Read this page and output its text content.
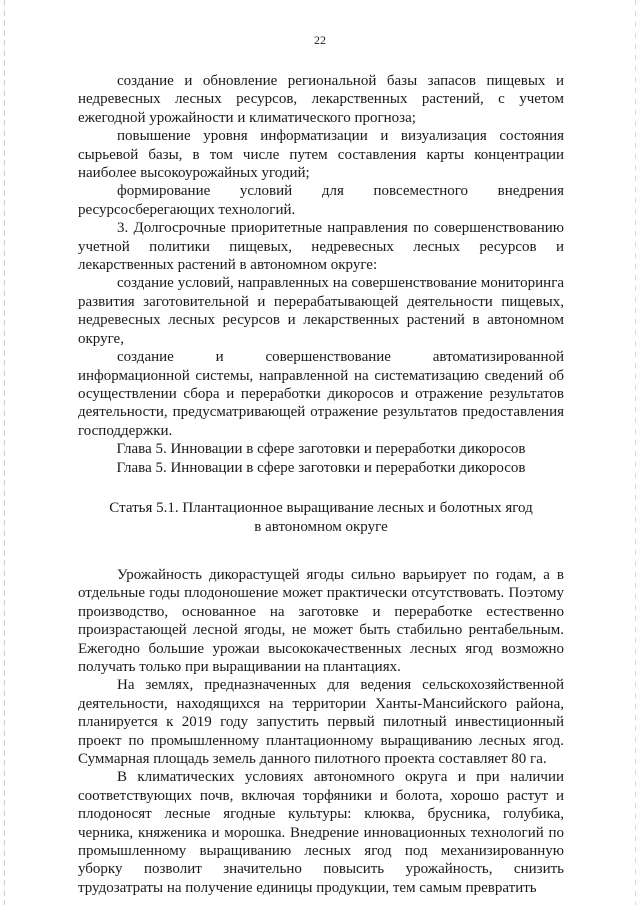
22

создание и обновление региональной базы запасов пищевых и недревесных лесных ресурсов, лекарственных растений, с учетом ежегодной урожайности и климатического прогноза;

повышение уровня информатизации и визуализация состояния сырьевой базы, в том числе путем составления карты концентрации наиболее высокоурожайных угодий;

формирование условий для повсеместного внедрения ресурсосберегающих технологий.

3. Долгосрочные приоритетные направления по совершенствованию учетной политики пищевых, недревесных лесных ресурсов и лекарственных растений в автономном округе:

создание условий, направленных на совершенствование мониторинга развития заготовительной и перерабатывающей деятельности пищевых, недревесных лесных ресурсов и лекарственных растений в автономном округе,

создание и совершенствование автоматизированной информационной системы, направленной на систематизацию сведений об осуществлении сбора и переработки дикоросов и отражение результатов деятельности, предусматривающей отражение результатов предоставления господдержки.

Глава 5. Инновации в сфере заготовки и переработки дикоросов

Глава 5. Инновации в сфере заготовки и переработки дикоросов

Статья 5.1. Плантационное выращивание лесных и болотных ягод

в автономном округе

Урожайность дикорастущей ягоды сильно варьирует по годам, а в отдельные годы плодоношение может практически отсутствовать. Поэтому производство, основанное на заготовке и переработке естественно произрастающей лесной ягоды, не может быть стабильно рентабельным. Ежегодно большие урожаи высококачественных лесных ягод возможно получать только при выращивании на плантациях.

На землях, предназначенных для ведения сельскохозяйственной деятельности, находящихся на территории Ханты-Мансийского района, планируется к 2019 году запустить первый пилотный инвестиционный проект по промышленному плантационному выращиванию лесных ягод. Суммарная площадь земель данного пилотного проекта составляет 80 га.

В климатических условиях автономного округа и при наличии соответствующих почв, включая торфяники и болота, хорошо растут и плодоносят лесные ягодные культуры: клюква, брусника, голубика, черника, княженика и морошка. Внедрение инновационных технологий по промышленному выращиванию лесных ягод под механизированную уборку позволит значительно повысить урожайность, снизить трудозатраты на получение единицы продукции, тем самым превратить
